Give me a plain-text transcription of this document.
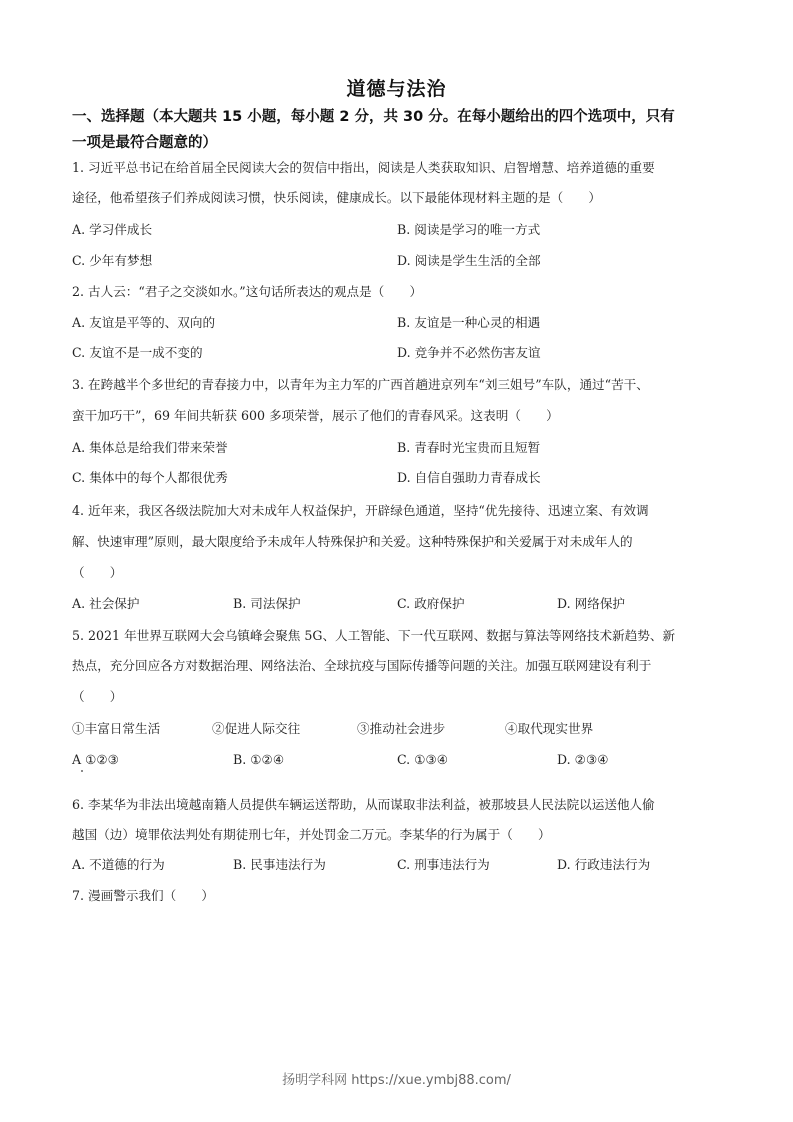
道德与法治
一、选择题（本大题共 15 小题，每小题 2 分，共 30 分。在每小题给出的四个选项中，只有
一项是最符合题意的）
1. 习近平总书记在给首届全民阅读大会的贺信中指出，阅读是人类获取知识、启智增慧、培养道德的重要
途径，他希望孩子们养成阅读习惯，快乐阅读，健康成长。以下最能体现材料主题的是（　　）
A. 学习伴成长	B. 阅读是学习的唯一方式
C. 少年有梦想	D. 阅读是学生生活的全部
2. 古人云：“君子之交淡如水。”这句话所表达的观点是（　　）
A. 友谊是平等的、双向的	B. 友谊是一种心灵的相遇
C. 友谊不是一成不变的	D. 竞争并不必然伤害友谊
3. 在跨越半个多世纪的青春接力中，以青年为主力军的广西首趟进京列车“刘三姐号”车队，通过“苦干、
蛮干加巧干”，69 年间共斩获 600 多项荣誉，展示了他们的青春风采。这表明（　　）
A. 集体总是给我们带来荣誉	B. 青春时光宝贵而且短暂
C. 集体中的每个人都很优秀	D. 自信自强助力青春成长
4. 近年来，我区各级法院加大对未成年人权益保护，开辟绿色通道，坚持“优先接待、迅速立案、有效调
解、快速审理”原则，最大限度给予未成年人特殊保护和关爱。这种特殊保护和关爱属于对未成年人的
（　　）
A. 社会保护	B. 司法保护	C. 政府保护	D. 网络保护
5. 2021 年世界互联网大会乌镇峰会聚焦 5G、人工智能、下一代互联网、数据与算法等网络技术新趋势、新
热点，充分回应各方对数据治理、网络法治、全球抗疫与国际传播等问题的关注。加强互联网建设有利于
（　　）
①丰富日常生活	②促进人际交往	③推动社会进步	④取代现实世界
A ①②③	B. ①②④	C. ①③④	D. ②③④
6. 李某华为非法出境越南籍人员提供车辆运送帮助，从而谋取非法利益，被那坡县人民法院以运送他人偷
越国（边）境罪依法判处有期徒刑七年，并处罚金二万元。李某华的行为属于（　　）
A. 不道德的行为	B. 民事违法行为	C. 刑事违法行为	D. 行政违法行为
7. 漫画警示我们（　　）
扬明学科网 https://xue.ymbj88.com/
